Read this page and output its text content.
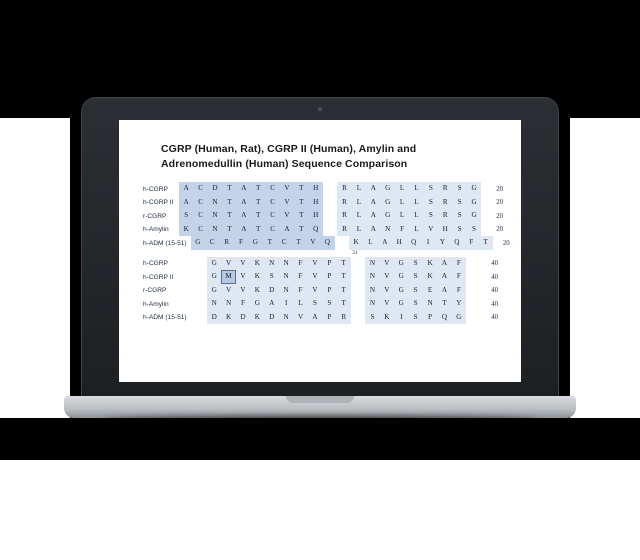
CGRP (Human, Rat), CGRP II (Human), Amylin and
Adrenomedullin (Human) Sequence Comparison
h-CGRP	A	C	D	T	A	T	C	V	T	H	R	L	A	G	L	L	S	R	S	G	20
h-CGRP II	A	C	N	T	A	T	C	V	T	H	R	L	A	G	L	L	S	R	S	G	20
r-CGRP	S	C	N	T	A	T	C	V	T	H	R	L	A	G	L	L	S	R	S	G	20
h-Amylin	K	C	N	T	A	T	C	A	T	Q	R	L	A	N	F	L	V	H	S	S	20
h-ADM (15-51)	G	C	R	F	G	T	C	T	V	Q	K	L	A	H	Q	I	Y	Q	F	T	20
31
h-CGRP	G	V	V	K	N	N	F	V	P	T	N	V	G	S	K	A	F	40
h-CGRP II	G	M	V	K	S	N	F	V	P	T	N	V	G	S	K	A	F	40
r-CGRP	G	V	V	K	D	N	F	V	P	T	N	V	G	S	E	A	F	40
h-Amylin	N	N	F	G	A	I	L	S	S	T	N	V	G	S	N	T	Y	40
h-ADM (15-51)	D	K	D	K	D	N	V	A	P	R	S	K	I	S	P	Q	G	40
